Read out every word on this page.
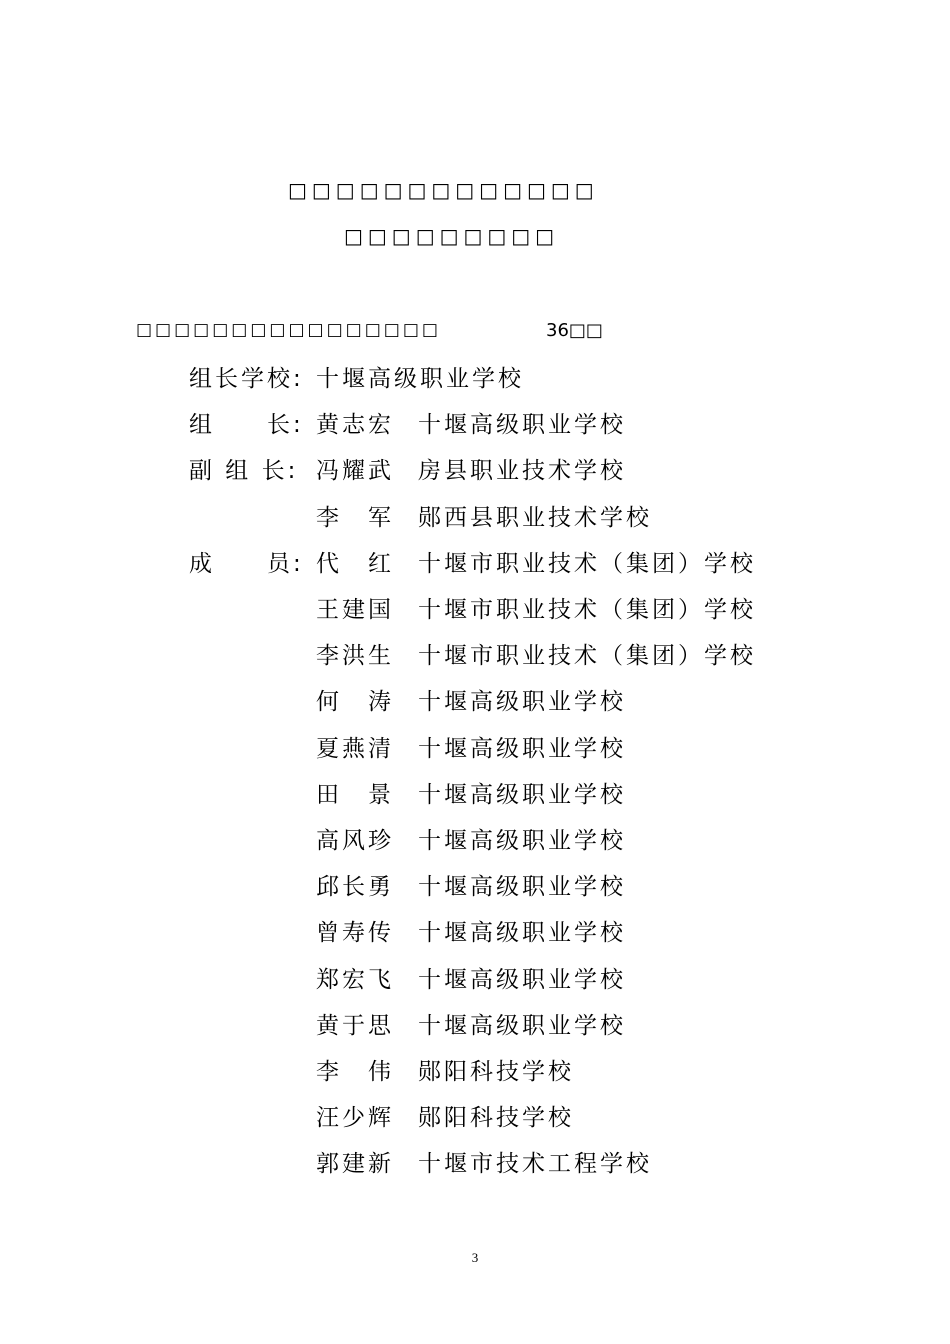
□□□□□□□□□□□□□
□□□□□□□□□
□□□□□□□□□□□□□□□□	36□□
组长学校: 十堰高级职业学校
组　　长: 黄志宏 十堰高级职业学校
副 组 长: 冯耀武 房县职业技术学校
李　军 郧西县职业技术学校
成　　员: 代　红 十堰市职业技术（集团）学校
王建国 十堰市职业技术（集团）学校
李洪生 十堰市职业技术（集团）学校
何　涛 十堰高级职业学校
夏燕清 十堰高级职业学校
田　景 十堰高级职业学校
高风珍 十堰高级职业学校
邱长勇 十堰高级职业学校
曾寿传 十堰高级职业学校
郑宏飞 十堰高级职业学校
黄于思 十堰高级职业学校
李　伟 郧阳科技学校
汪少辉 郧阳科技学校
郭建新 十堰市技术工程学校
3
